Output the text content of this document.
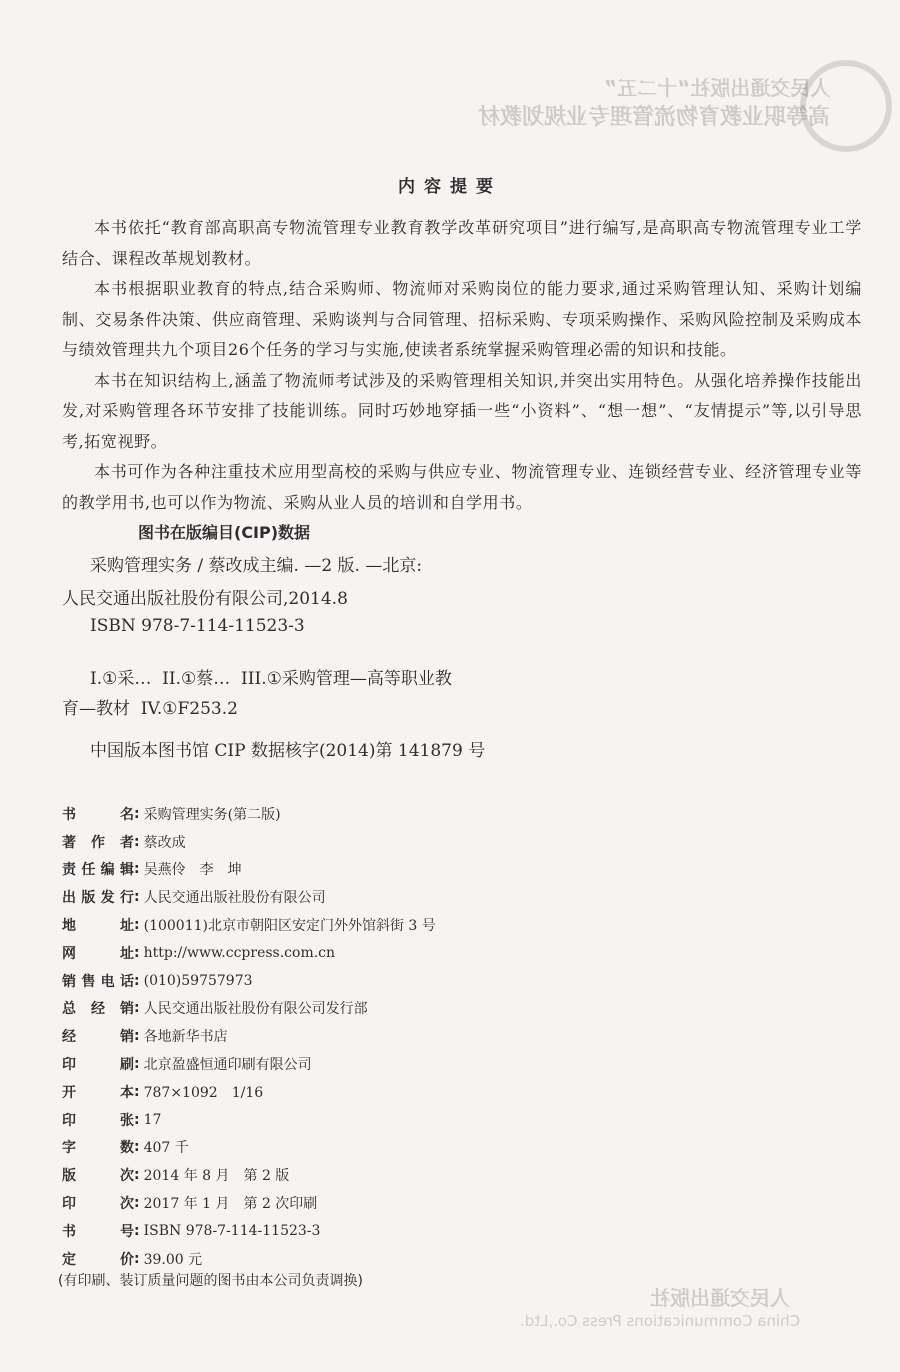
人民交通出版社“十二五”
高等职业教育物流管理专业规划教材
人民交通出版社
China Communications Press Co.,Ltd.
内容提要

本书依托“教育部高职高专物流管理专业教育教学改革研究项目”进行编写,是高职高专物流管理专业工学结合、课程改革规划教材。

本书根据职业教育的特点,结合采购师、物流师对采购岗位的能力要求,通过采购管理认知、采购计划编制、交易条件决策、供应商管理、采购谈判与合同管理、招标采购、专项采购操作、采购风险控制及采购成本与绩效管理共九个项目26个任务的学习与实施,使读者系统掌握采购管理必需的知识和技能。

本书在知识结构上,涵盖了物流师考试涉及的采购管理相关知识,并突出实用特色。从强化培养操作技能出发,对采购管理各环节安排了技能训练。同时巧妙地穿插一些“小资料”、“想一想”、“友情提示”等,以引导思考,拓宽视野。

本书可作为各种注重技术应用型高校的采购与供应专业、物流管理专业、连锁经营专业、经济管理专业等的教学用书,也可以作为物流、采购从业人员的培训和自学用书。

图书在版编目(CIP)数据
采购管理实务 / 蔡改成主编. —2 版. —北京:
人民交通出版社股份有限公司,2014.8
ISBN 978-7-114-11523-3
I.①采…  II.①蔡…  III.①采购管理—高等职业教
育—教材  IV.①F253.2
中国版本图书馆 CIP 数据核字(2014)第 141879 号
书名 : 采购管理实务(第二版)
著作者 : 蔡改成
责任编辑 : 吴燕伶　李　坤
出版发行 : 人民交通出版社股份有限公司
地址 : (100011)北京市朝阳区安定门外外馆斜街 3 号
网址 : http://www.ccpress.com.cn
销售电话 : (010)59757973
总经销 : 人民交通出版社股份有限公司发行部
经销 : 各地新华书店
印刷 : 北京盈盛恒通印刷有限公司
开本 : 787×1092　1/16
印张 : 17
字数 : 407 千
版次 : 2014 年 8 月　第 2 版
印次 : 2017 年 1 月　第 2 次印刷
书号 : ISBN 978-7-114-11523-3
定价 : 39.00 元
(有印刷、装订质量问题的图书由本公司负责调换)
